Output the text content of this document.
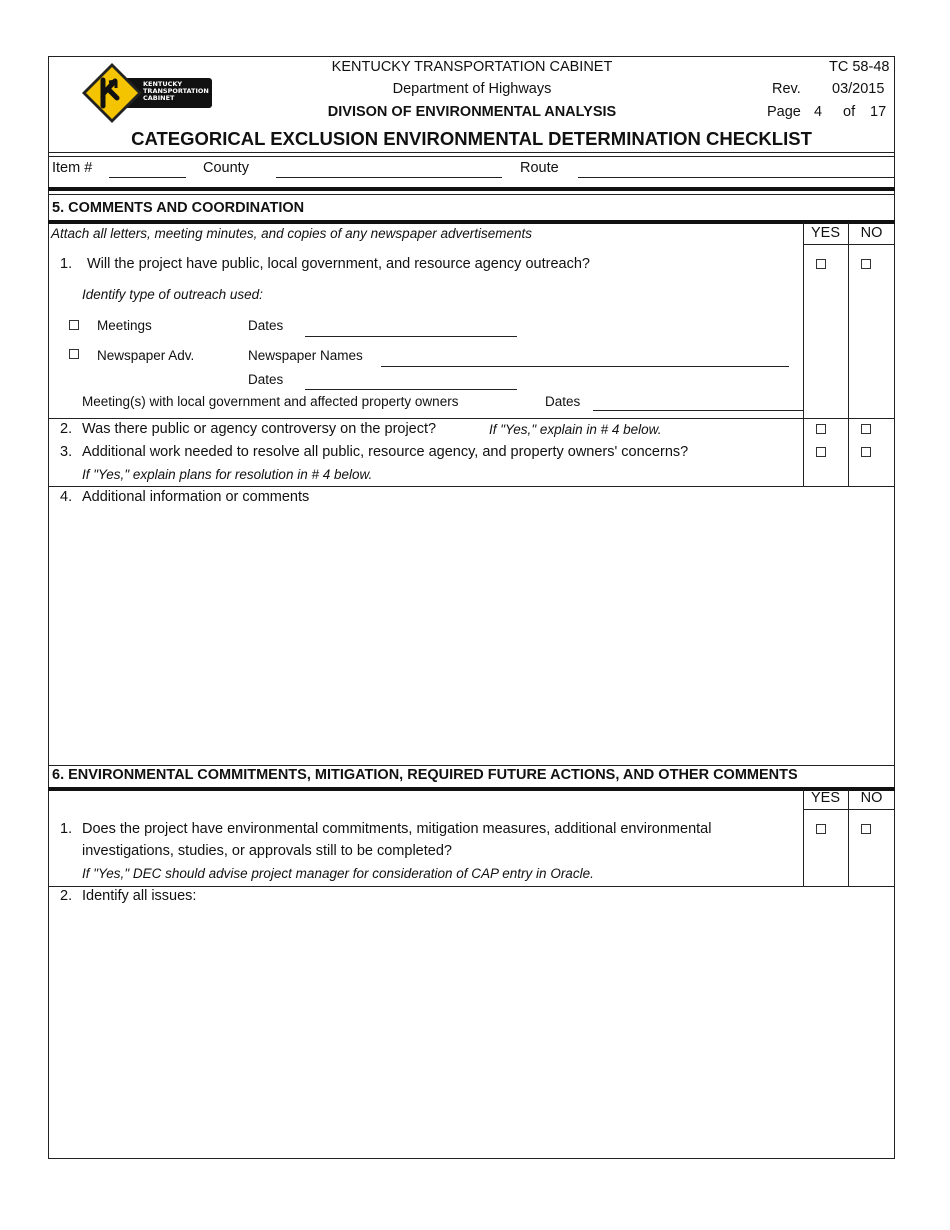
KENTUCKY
TRANSPORTATION
CABINET
KENTUCKY TRANSPORTATION CABINET
Department of Highways
DIVISON OF ENVIRONMENTAL ANALYSIS
TC 58-48
Rev. 03/2015
Page 4 of 17
CATEGORICAL EXCLUSION ENVIRONMENTAL DETERMINATION CHECKLIST
Item #	County	Route
5. COMMENTS AND COORDINATION
Attach all letters, meeting minutes, and copies of any newspaper advertisements	YES	NO
1. Will the project have public, local government, and resource agency outreach?
Identify type of outreach used:
Meetings	Dates
Newspaper Adv.	Newspaper Names
Dates
Meeting(s) with local government and affected property owners	Dates
2. Was there public or agency controversy on the project?	If "Yes," explain in # 4 below.
3. Additional work needed to resolve all public, resource agency, and property owners' concerns?
If "Yes," explain plans for resolution in # 4 below.
4. Additional information or comments
6. ENVIRONMENTAL COMMITMENTS, MITIGATION, REQUIRED FUTURE ACTIONS, AND OTHER COMMENTS
YES	NO
1. Does the project have environmental commitments, mitigation measures, additional environmental
investigations, studies, or approvals still to be completed?
If "Yes," DEC should advise project manager for consideration of CAP entry in Oracle.
2. Identify all issues:
